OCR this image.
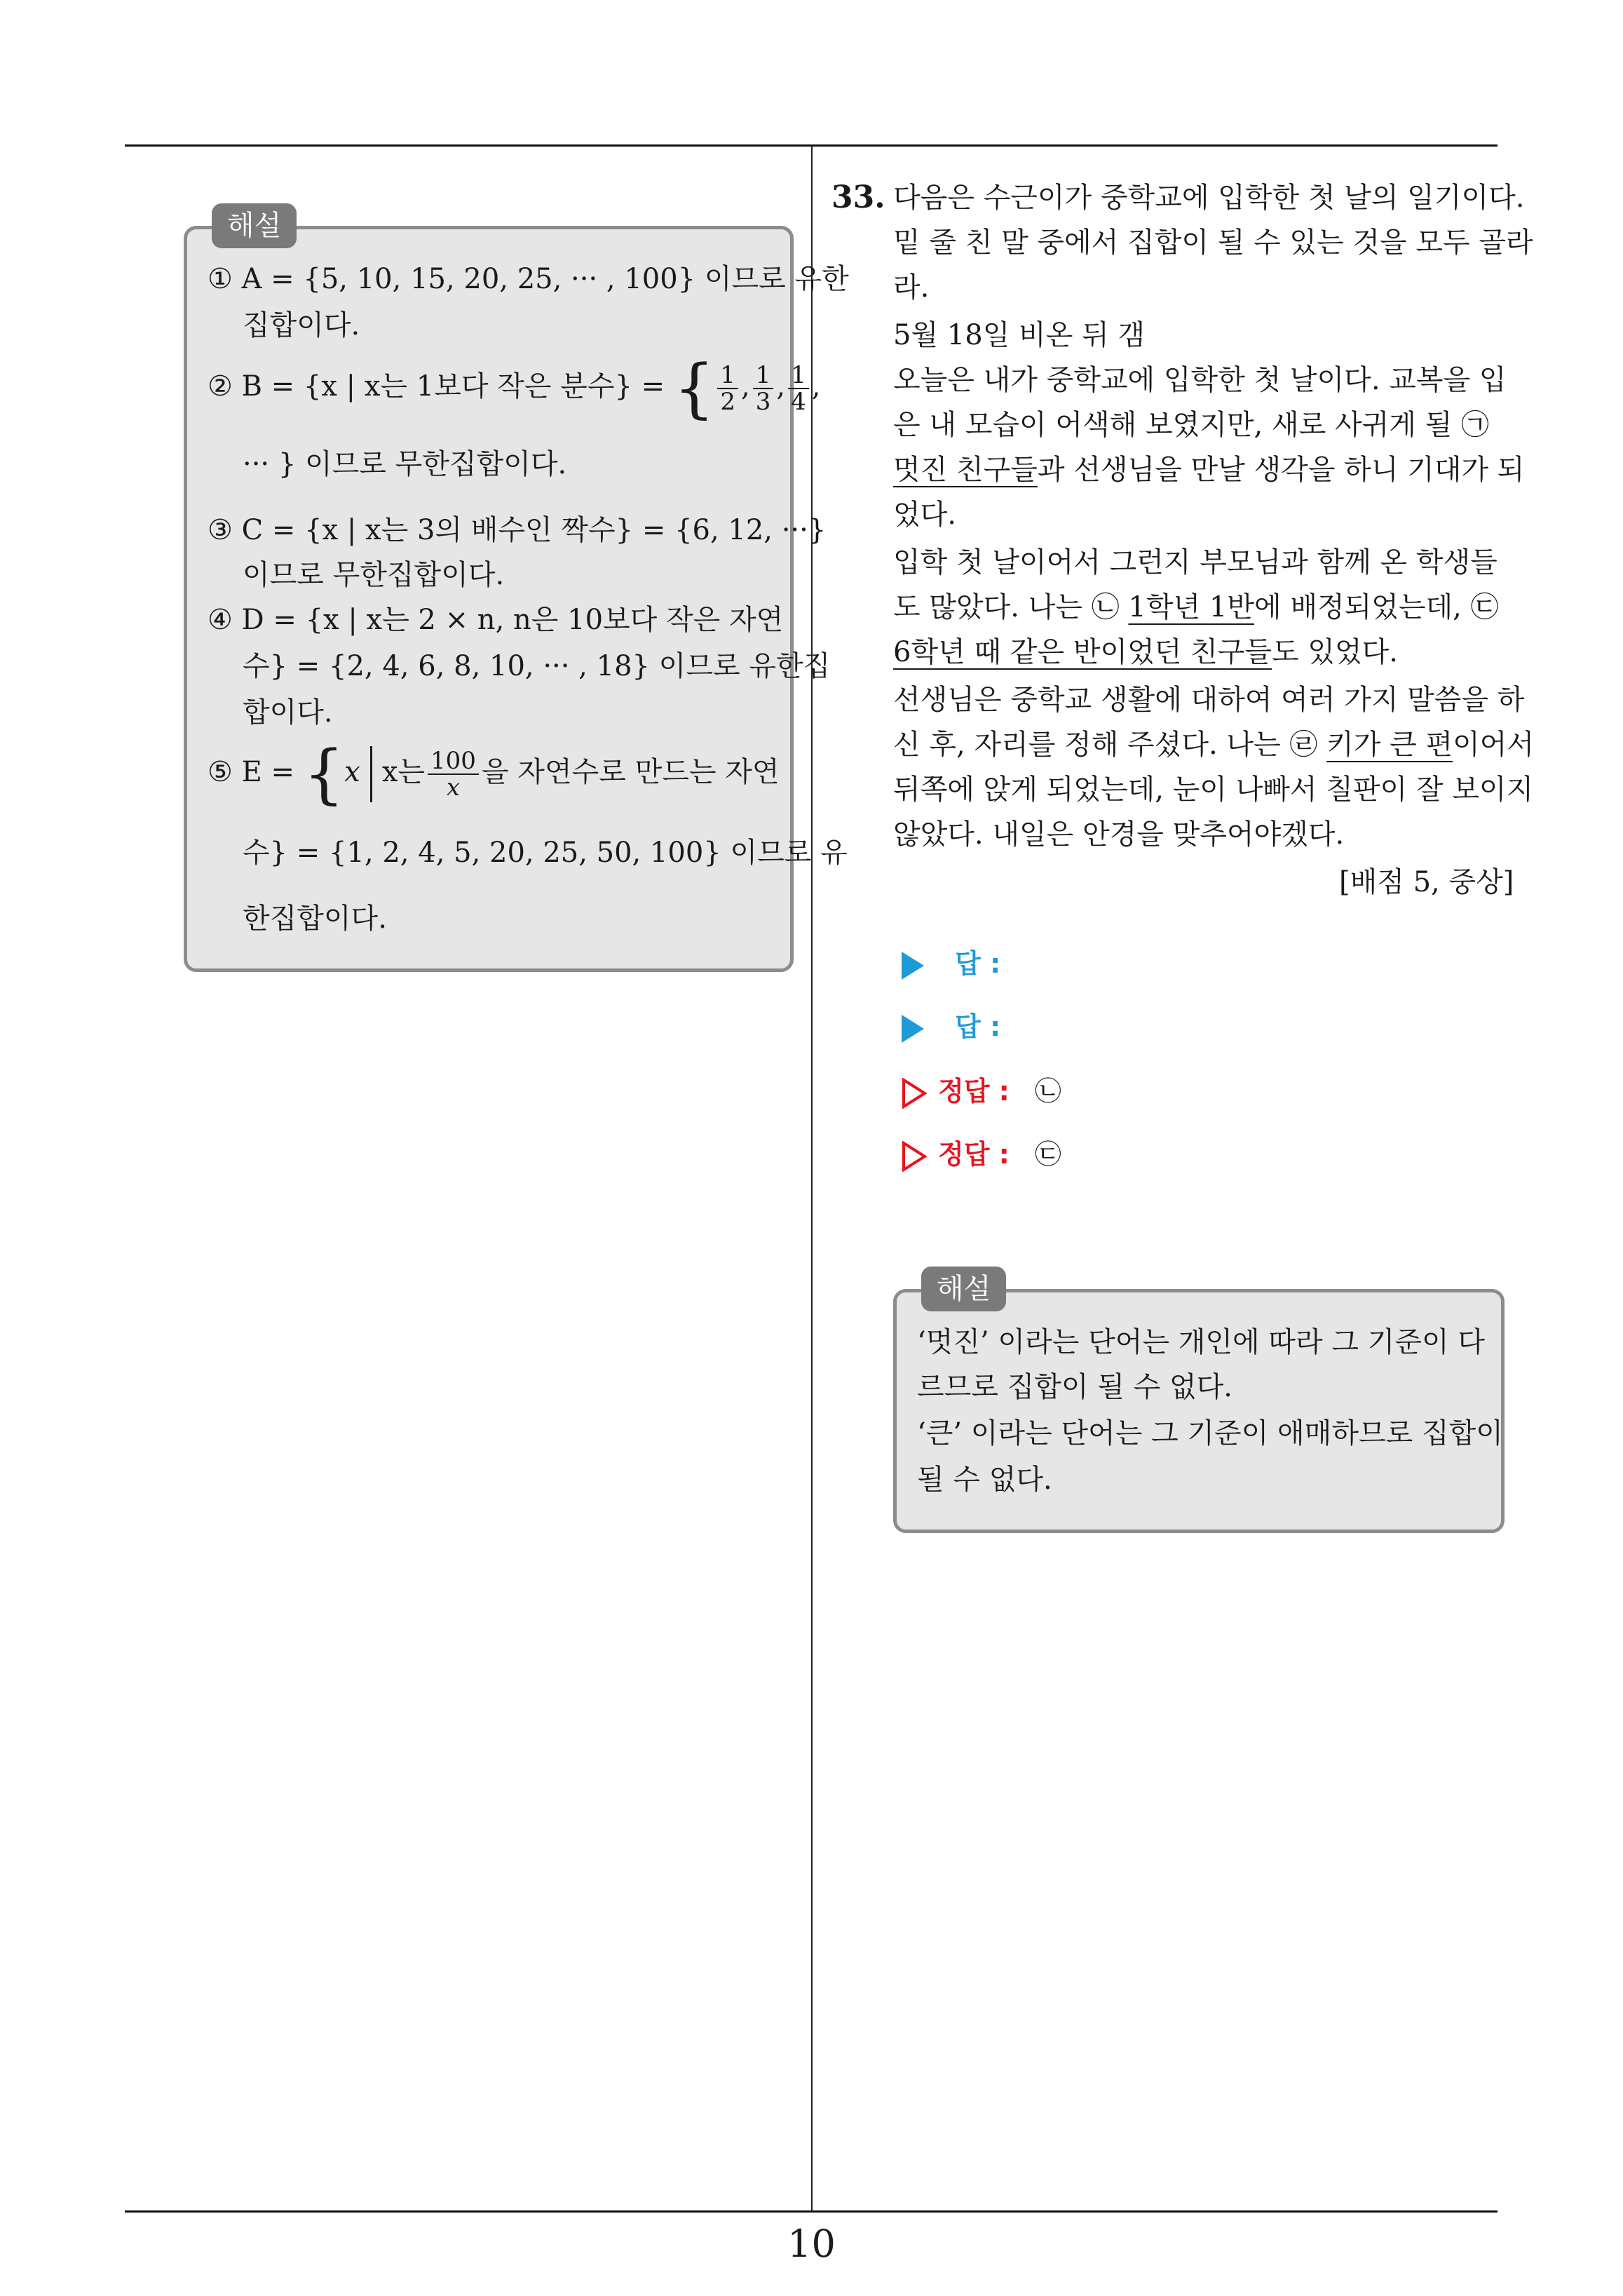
10
해설
① A = {5, 10, 15, 20, 25, ··· , 100} 이므로 유한
집합이다.
② B = {x | x는 1보다 작은 분수} = { $\frac{1}{2}$ , $\frac{1}{3}$ , $\frac{1}{4}$ ,
··· } 이므로 무한집합이다.
③ C = {x | x는 3의 배수인 짝수} = {6, 12, ···}
이므로 무한집합이다.
④ D = {x | x는 2 × n, n은 10보다 작은 자연
수} = {2, 4, 6, 8, 10, ··· , 18} 이므로 유한집
합이다.
⑤ E = {x x는 $\frac{100}{x}$ 을 자연수로 만드는 자연
수} = {1, 2, 4, 5, 20, 25, 50, 100} 이므로 유
한집합이다.
33. 다음은 수근이가 중학교에 입학한 첫 날의 일기이다.
밑 줄 친 말 중에서 집합이 될 수 있는 것을 모두 골라
라.
5월 18일 비온 뒤 갬
오늘은 내가 중학교에 입학한 첫 날이다. 교복을 입
은 내 모습이 어색해 보였지만, 새로 사귀게 될 ㉠
멋진 친구들과 선생님을 만날 생각을 하니 기대가 되
었다.
입학 첫 날이어서 그런지 부모님과 함께 온 학생들
도 많았다. 나는 ㉡ 1학년 1반에 배정되었는데, ㉢
6학년 때 같은 반이었던 친구들도 있었다.
선생님은 중학교 생활에 대하여 여러 가지 말씀을 하
신 후, 자리를 정해 주셨다. 나는 ㉣ 키가 큰 편이어서
뒤쪽에 앉게 되었는데, 눈이 나빠서 칠판이 잘 보이지
않았다. 내일은 안경을 맞추어야겠다.
[배점 5, 중상]
답 :
답 :
정답 : ㉡
정답 : ㉢
해설
‘멋진’ 이라는 단어는 개인에 따라 그 기준이 다
르므로 집합이 될 수 없다.
‘큰’ 이라는 단어는 그 기준이 애매하므로 집합이
될 수 없다.
